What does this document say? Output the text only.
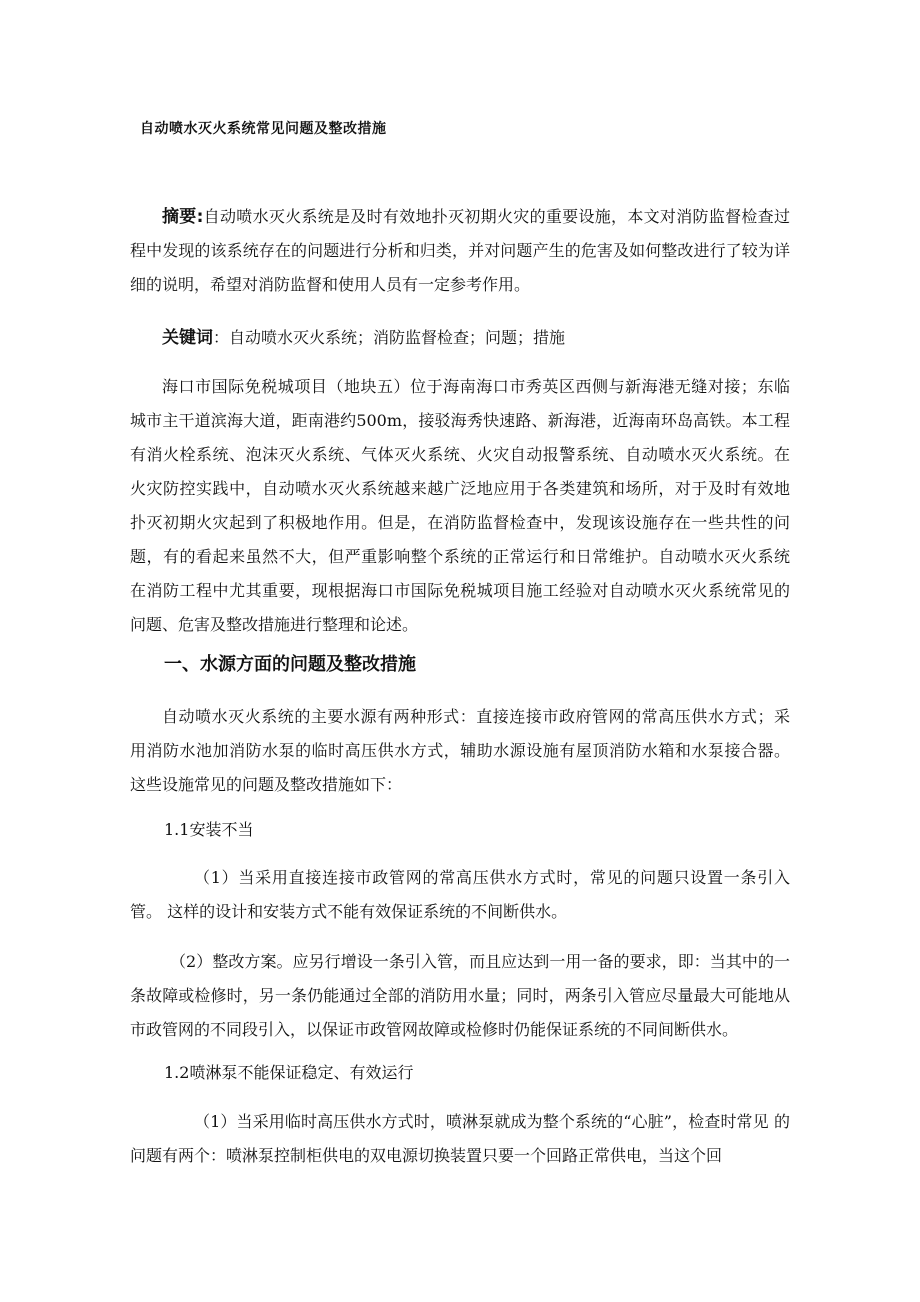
自动喷水灭火系统常见问题及整改措施

摘要:自动喷水灭火系统是及时有效地扑灭初期火灾的重要设施，本文对消防监督检查过程中发现的该系统存在的问题进行分析和归类，并对问题产生的危害及如何整改进行了较为详细的说明，希望对消防监督和使用人员有一定参考作用。

关键词：自动喷水灭火系统；消防监督检查；问题；措施

海口市国际免税城项目（地块五）位于海南海口市秀英区西侧与新海港无缝对接；东临 城市主干道滨海大道，距南港约500m，接驳海秀快速路、新海港，近海南环岛高铁。本工程 有消火栓系统、泡沫灭火系统、气体灭火系统、火灾自动报警系统、自动喷水灭火系统。在 火灾防控实践中，自动喷水灭火系统越来越广泛地应用于各类建筑和场所，对于及时有效地 扑灭初期火灾起到了积极地作用。但是，在消防监督检查中，发现该设施存在一些共性的问 题，有的看起来虽然不大，但严重影响整个系统的正常运行和日常维护。自动喷水灭火系统 在消防工程中尤其重要，现根据海口市国际免税城项目施工经验对自动喷水灭火系统常见的 问题、危害及整改措施进行整理和论述。

一、水源方面的问题及整改措施

自动喷水灭火系统的主要水源有两种形式：直接连接市政府管网的常高压供水方式；采 用消防水池加消防水泵的临时高压供水方式，辅助水源设施有屋顶消防水箱和水泵接合器。 这些设施常见的问题及整改措施如下：

1.1安装不当

（1）当采用直接连接市政管网的常高压供水方式时，常见的问题只设置一条引入管。 这样的设计和安装方式不能有效保证系统的不间断供水。

（2）整改方案。应另行增设一条引入管，而且应达到一用一备的要求，即：当其中的一条故障或检修时，另一条仍能通过全部的消防用水量；同时，两条引入管应尽量最大可能地从市政管网的不同段引入，以保证市政管网故障或检修时仍能保证系统的不同间断供水。

1.2喷淋泵不能保证稳定、有效运行

（1）当采用临时高压供水方式时，喷淋泵就成为整个系统的“心脏”，检查时常见 的问题有两个：喷淋泵控制柜供电的双电源切换装置只要一个回路正常供电，当这个回
